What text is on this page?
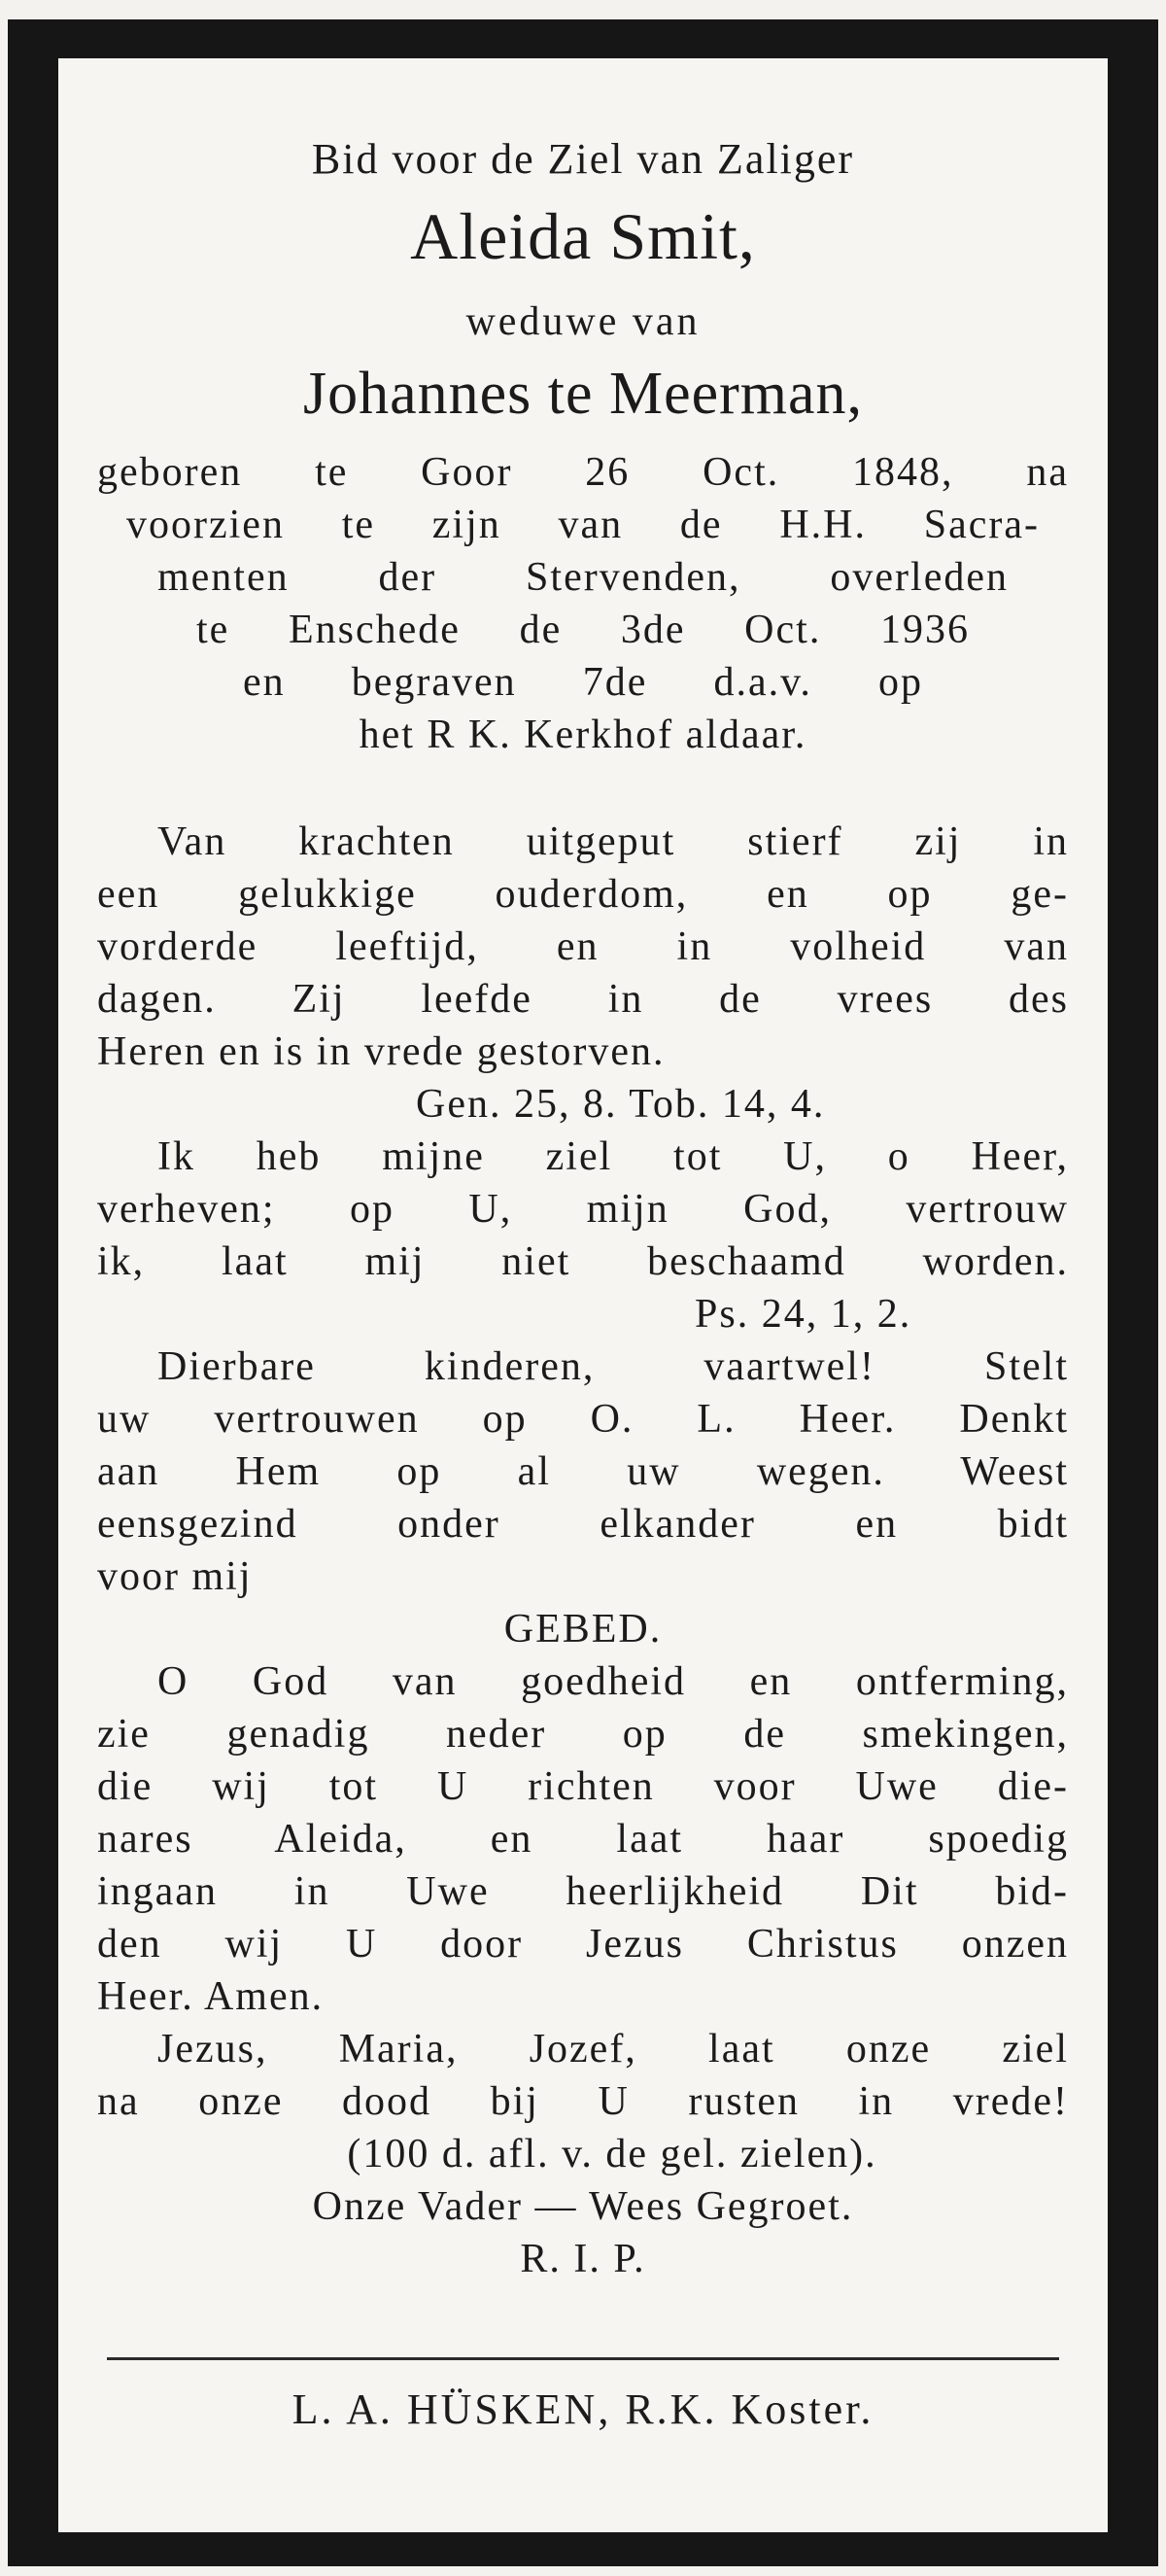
Bid voor de Ziel van Zaliger
Aleida Smit,
weduwe van
Johannes te Meerman,
geboren te Goor 26 Oct. 1848, na
voorzien te zijn van de H.H. Sacra-
menten der Stervenden, overleden
te Enschede de 3de Oct. 1936
en begraven 7de d.a.v. op
het R K. Kerkhof aldaar.
Van krachten uitgeput stierf zij in
een gelukkige ouderdom, en op ge-
vorderde leeftijd, en in volheid van
dagen. Zij leefde in de vrees des
Heren en is in vrede gestorven.
Gen. 25, 8. Tob. 14, 4.
Ik heb mijne ziel tot U, o Heer,
verheven; op U, mijn God, vertrouw
ik, laat mij niet beschaamd worden.
Ps. 24, 1, 2.
Dierbare kinderen, vaartwel! Stelt
uw vertrouwen op O. L. Heer. Denkt
aan Hem op al uw wegen. Weest
eensgezind onder elkander en bidt
voor mij
GEBED.
O God van goedheid en ontferming,
zie genadig neder op de smekingen,
die wij tot U richten voor Uwe die-
nares Aleida, en laat haar spoedig
ingaan in Uwe heerlijkheid Dit bid-
den wij U door Jezus Christus onzen
Heer. Amen.
Jezus, Maria, Jozef, laat onze ziel
na onze dood bij U rusten in vrede!
(100 d. afl. v. de gel. zielen).
Onze Vader — Wees Gegroet.
R. I. P.
L. A. HÜSKEN, R.K. Koster.
